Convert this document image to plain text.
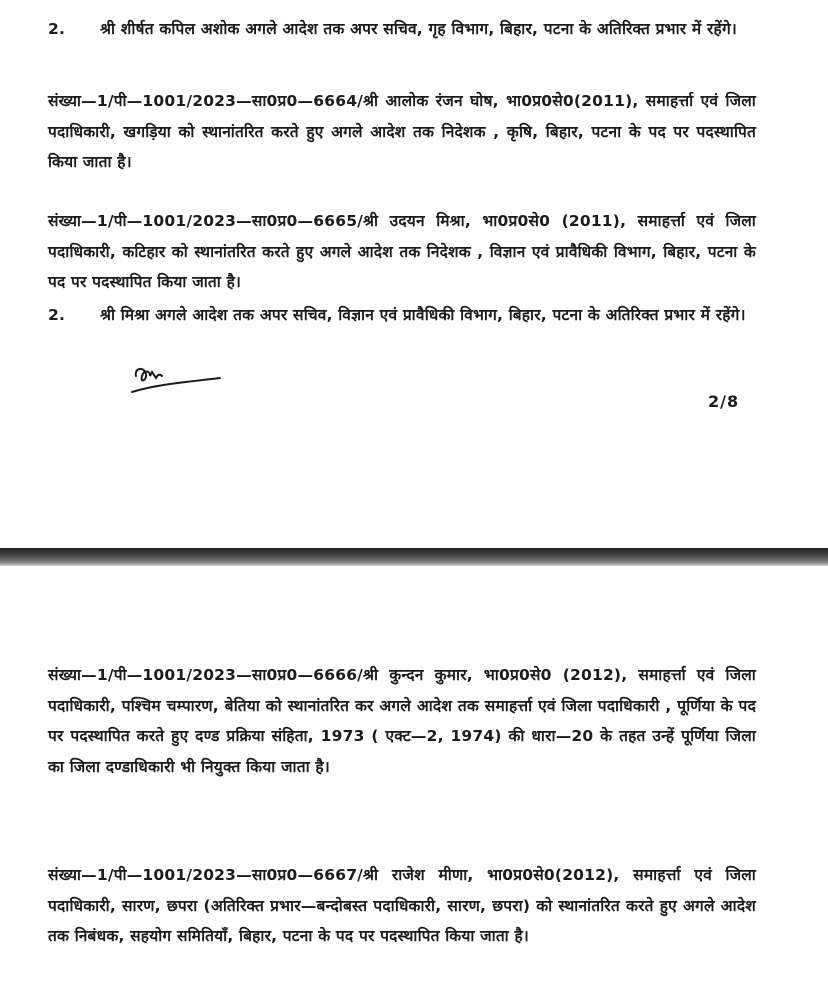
2. श्री शीर्षत कपिल अशोक अगले आदेश तक अपर सचिव, गृह विभाग, बिहार, पटना के अतिरिक्त प्रभार में रहेंगे।
संख्या—1/पी—1001/2023—सा0प्र0—6664/श्री आलोक रंजन घोष, भा0प्र0से0(2011), समाहर्त्ता एवं जिला पदाधिकारी, खगड़िया को स्थानांतरित करते हुए अगले आदेश तक निदेशक , कृषि, बिहार, पटना के पद पर पदस्थापित किया जाता है।
संख्या—1/पी—1001/2023—सा0प्र0—6665/श्री उदयन मिश्रा, भा0प्र0से0 (2011), समाहर्त्ता एवं जिला पदाधिकारी, कटिहार को स्थानांतरित करते हुए अगले आदेश तक निदेशक , विज्ञान एवं प्रावैधिकी विभाग, बिहार, पटना के पद पर पदस्थापित किया जाता है।
2. श्री मिश्रा अगले आदेश तक अपर सचिव, विज्ञान एवं प्रावैधिकी विभाग, बिहार, पटना के अतिरिक्त प्रभार में रहेंगे।
2/8
संख्या—1/पी—1001/2023—सा0प्र0—6666/श्री कुन्दन कुमार, भा0प्र0से0 (2012), समाहर्त्ता एवं जिला पदाधिकारी, पश्चिम चम्पारण, बेतिया को स्थानांतरित कर अगले आदेश तक समाहर्त्ता एवं जिला पदाधिकारी , पूर्णिया के पद पर पदस्थापित करते हुए दण्ड प्रक्रिया संहिता, 1973 ( एक्ट—2, 1974) की धारा—20 के तहत उन्हें पूर्णिया जिला का जिला दण्डाधिकारी भी नियुक्त किया जाता है।
संख्या—1/पी—1001/2023—सा0प्र0—6667/श्री राजेश मीणा, भा0प्र0से0(2012), समाहर्त्ता एवं जिला पदाधिकारी, सारण, छपरा (अतिरिक्त प्रभार—बन्दोबस्त पदाधिकारी, सारण, छपरा) को स्थानांतरित करते हुए अगले आदेश तक निबंधक, सहयोग समितियाँ, बिहार, पटना के पद पर पदस्थापित किया जाता है।
